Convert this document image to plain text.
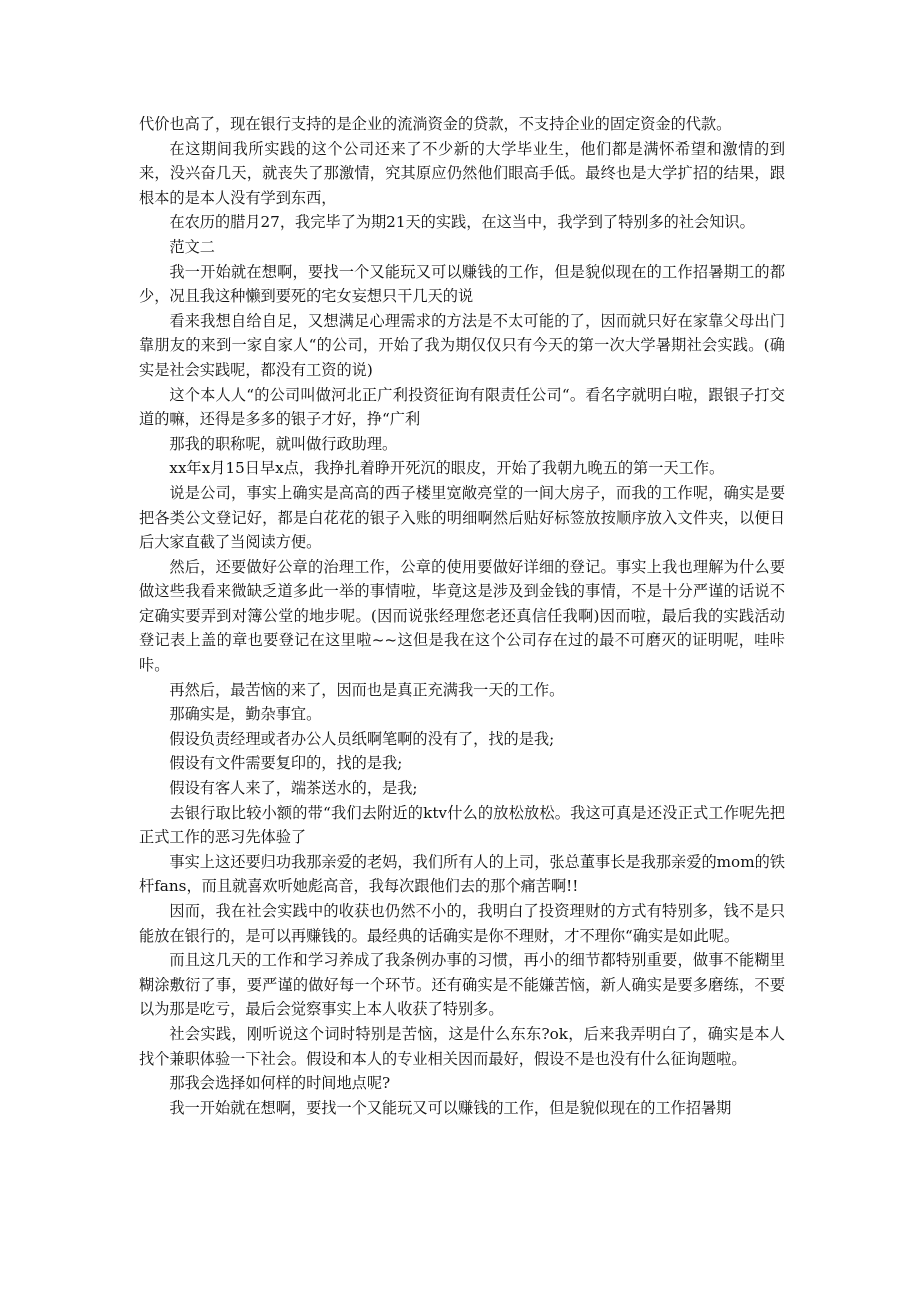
代价也高了，现在银行支持的是企业的流淌资金的贷款，不支持企业的固定资金的代款。

在这期间我所实践的这个公司还来了不少新的大学毕业生，他们都是满怀希望和激情的到来，没兴奋几天，就丧失了那激情，究其原应仍然他们眼高手低。最终也是大学扩招的结果，跟根本的是本人没有学到东西，

在农历的腊月27，我完毕了为期21天的实践，在这当中，我学到了特别多的社会知识。

范文二

我一开始就在想啊，要找一个又能玩又可以赚钱的工作，但是貌似现在的工作招暑期工的都少，况且我这种懒到要死的宅女妄想只干几天的说

看来我想自给自足，又想满足心理需求的方法是不太可能的了，因而就只好在家靠父母出门靠朋友的来到一家自家人“的公司，开始了我为期仅仅只有今天的第一次大学暑期社会实践。(确实是社会实践呢，都没有工资的说)

这个本人人“的公司叫做河北正广利投资征询有限责任公司“。看名字就明白啦，跟银子打交道的嘛，还得是多多的银子才好，挣“广利

那我的职称呢，就叫做行政助理。

xx年x月15日早x点，我挣扎着睁开死沉的眼皮，开始了我朝九晚五的第一天工作。

说是公司，事实上确实是高高的西子楼里宽敞亮堂的一间大房子，而我的工作呢，确实是要把各类公文登记好，都是白花花的银子入账的明细啊然后贴好标签放按顺序放入文件夹，以便日后大家直截了当阅读方便。

然后，还要做好公章的治理工作，公章的使用要做好详细的登记。事实上我也理解为什么要做这些我看来微缺乏道多此一举的事情啦，毕竟这是涉及到金钱的事情，不是十分严谨的话说不定确实要弄到对簿公堂的地步呢。(因而说张经理您老还真信任我啊)因而啦，最后我的实践活动登记表上盖的章也要登记在这里啦~~这但是我在这个公司存在过的最不可磨灭的证明呢，哇咔咔。

再然后，最苦恼的来了，因而也是真正充满我一天的工作。

那确实是，勤杂事宜。

假设负责经理或者办公人员纸啊笔啊的没有了，找的是我;

假设有文件需要复印的，找的是我;

假设有客人来了，端茶送水的，是我;

去银行取比较小额的带“我们去附近的ktv什么的放松放松。我这可真是还没正式工作呢先把正式工作的恶习先体验了

事实上这还要归功我那亲爱的老妈，我们所有人的上司，张总董事长是我那亲爱的mom的铁杆fans，而且就喜欢听她彪高音，我每次跟他们去的那个痛苦啊!!

因而，我在社会实践中的收获也仍然不小的，我明白了投资理财的方式有特别多，钱不是只能放在银行的，是可以再赚钱的。最经典的话确实是你不理财，才不理你“确实是如此呢。

而且这几天的工作和学习养成了我条例办事的习惯，再小的细节都特别重要，做事不能糊里糊涂敷衍了事，要严谨的做好每一个环节。还有确实是不能嫌苦恼，新人确实是要多磨练，不要以为那是吃亏，最后会觉察事实上本人收获了特别多。

社会实践，刚听说这个词时特别是苦恼，这是什么东东?ok，后来我弄明白了，确实是本人找个兼职体验一下社会。假设和本人的专业相关因而最好，假设不是也没有什么征询题啦。

那我会选择如何样的时间地点呢?

我一开始就在想啊，要找一个又能玩又可以赚钱的工作，但是貌似现在的工作招暑期
